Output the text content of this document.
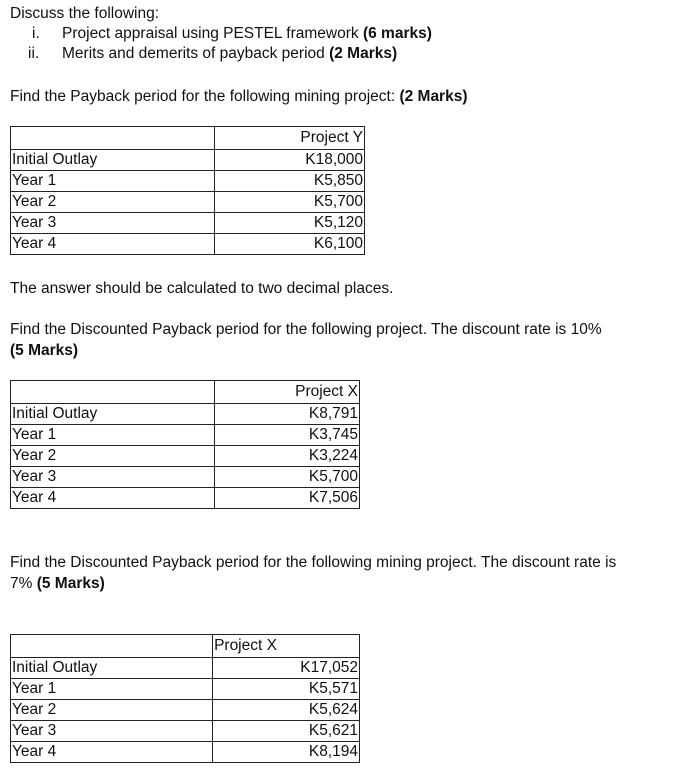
Discuss the following:
i. Project appraisal using PESTEL framework (6 marks)
ii. Merits and demerits of payback period (2 Marks)
Find the Payback period for the following mining project: (2 Marks)
	Project Y
Initial Outlay	K18,000
Year 1	K5,850
Year 2	K5,700
Year 3	K5,120
Year 4	K6,100
The answer should be calculated to two decimal places.
Find the Discounted Payback period for the following project. The discount rate is 10%
(5 Marks)
	Project X
Initial Outlay	K8,791
Year 1	K3,745
Year 2	K3,224
Year 3	K5,700
Year 4	K7,506
Find the Discounted Payback period for the following mining project. The discount rate is
7% (5 Marks)
	Project X
Initial Outlay	K17,052
Year 1	K5,571
Year 2	K5,624
Year 3	K5,621
Year 4	K8,194
